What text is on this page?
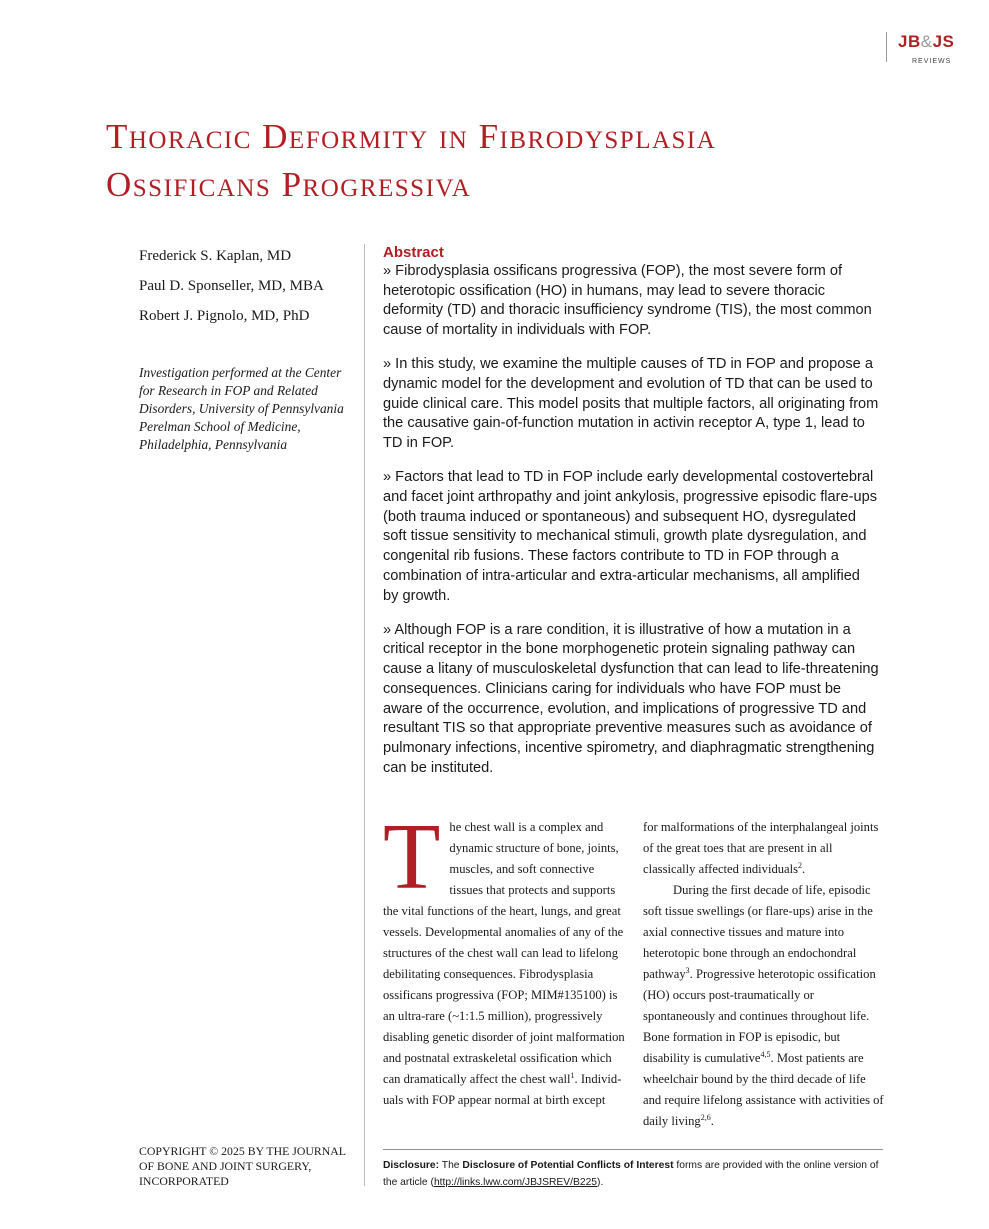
JB&JS
REVIEWS
Thoracic Deformity in Fibrodysplasia
Ossificans Progressiva
Frederick S. Kaplan, MD
Paul D. Sponseller, MD, MBA
Robert J. Pignolo, MD, PhD
Investigation performed at the Center for Research in FOP and Related Disorders, University of Pennsylvania Perelman School of Medicine, Philadelphia, Pennsylvania
Abstract

» Fibrodysplasia ossificans progressiva (FOP), the most severe form of heterotopic ossification (HO) in humans, may lead to severe thoracic deformity (TD) and thoracic insufficiency syndrome (TIS), the most common cause of mortality in individuals with FOP.

» In this study, we examine the multiple causes of TD in FOP and propose a dynamic model for the development and evolution of TD that can be used to guide clinical care. This model posits that multiple factors, all originating from the causative gain-of-function mutation in activin receptor A, type 1, lead to TD in FOP.

» Factors that lead to TD in FOP include early developmental costovertebral and facet joint arthropathy and joint ankylosis, progressive episodic flare-ups (both trauma induced or spontaneous) and subsequent HO, dysregulated soft tissue sensitivity to mechanical stimuli, growth plate dysregulation, and congenital rib fusions. These factors contribute to TD in FOP through a combination of intra-articular and extra-articular mechanisms, all amplified by growth.

» Although FOP is a rare condition, it is illustrative of how a mutation in a critical receptor in the bone morphogenetic protein signaling pathway can cause a litany of musculoskeletal dysfunction that can lead to life-threatening consequences. Clinicians caring for individuals who have FOP must be aware of the occurrence, evolution, and implications of progressive TD and resultant TIS so that appropriate preventive measures such as avoidance of pulmonary infections, incentive spirometry, and diaphragmatic strengthening can be instituted.

The chest wall is a complex and dynamic structure of bone, joints, muscles, and soft connective tissues that protects and supports the vital functions of the heart, lungs, and great vessels. Developmental anomalies of any of the structures of the chest wall can lead to lifelong debilitating consequences. Fibrodysplasia ossificans progressiva (FOP; MIM#135100) is an ultra-rare (~1:1.5 million), progressively disabling genetic disorder of joint malformation and postnatal extraskeletal ossification which can dramatically affect the chest wall$^1$. Individuals with FOP appear normal at birth except

for malformations of the interphalangeal joints of the great toes that are present in all classically affected individuals$^2$.

During the first decade of life, episodic soft tissue swellings (or flare-ups) arise in the axial connective tissues and mature into heterotopic bone through an endochondral pathway$^3$. Progressive heterotopic ossification (HO) occurs post-traumatically or spontaneously and continues throughout life. Bone formation in FOP is episodic, but disability is cumulative$^{4,5}$. Most patients are wheelchair bound by the third decade of life and require lifelong assistance with activities of daily living$^{2,6}$.

COPYRIGHT © 2025 BY THE JOURNAL OF BONE AND JOINT SURGERY, INCORPORATED
Disclosure: The Disclosure of Potential Conflicts of Interest forms are provided with the online version of the article (http://links.lww.com/JBJSREV/B225).
